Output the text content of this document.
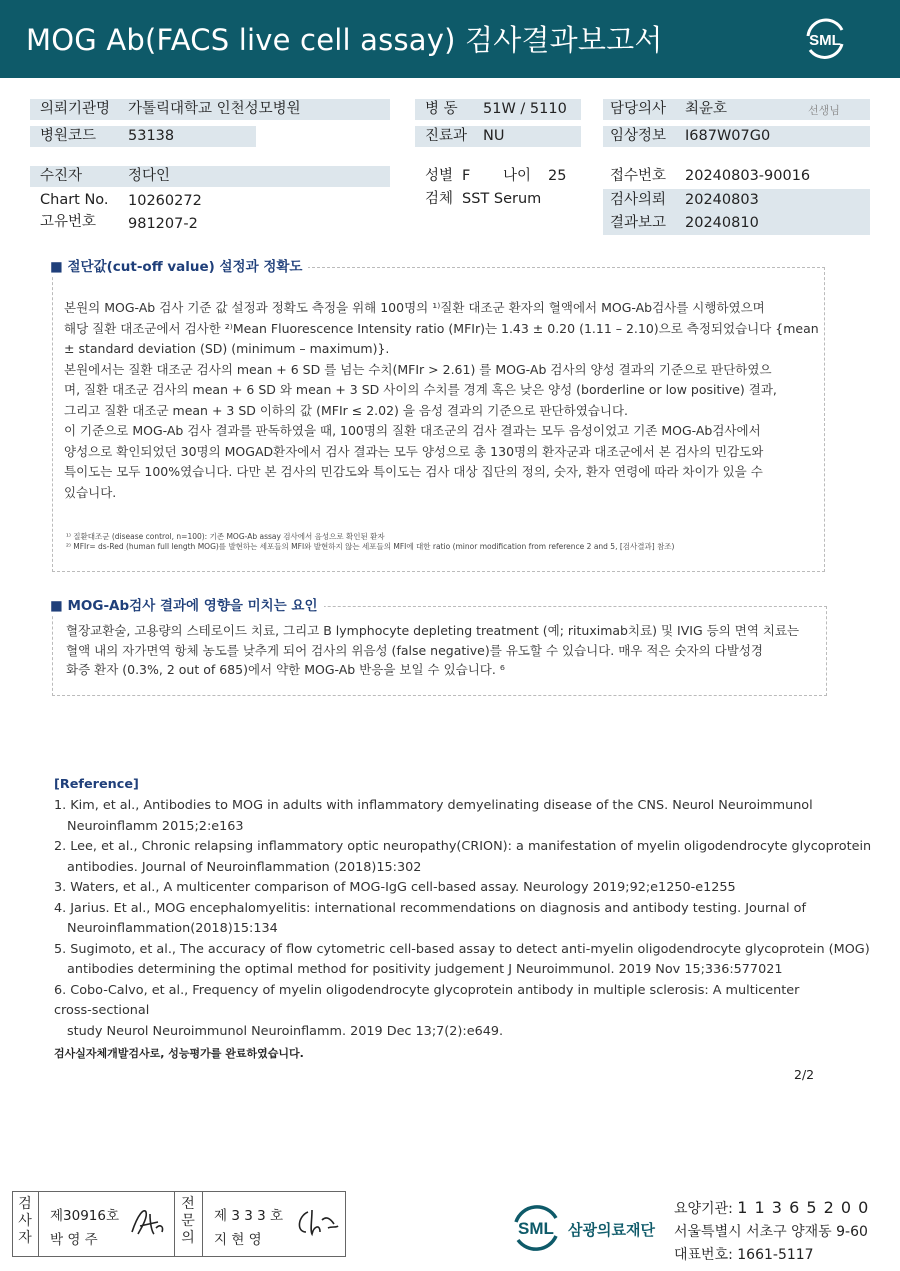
MOG Ab(FACS live cell assay) 검사결과보고서	SML
의뢰기관명 가톨릭대학교 인천성모병원
병원코드 53138
수진자	정다인
Chart No. 10260272
고유번호 981207-2
병 동 51W / 5110
진료과 NU
성별 F 나이 25
검체 SST Serum
담당의사 최윤호	선생님
임상정보 I687W07G0
접수번호 20240803-90016
검사의뢰 20240803
결과보고 20240810
■ 절단값(cut-off value) 설정과 정확도
본원의 MOG-Ab 검사 기준 값 설정과 정확도 측정을 위해 100명의 ¹⁾질환 대조군 환자의 혈액에서 MOG-Ab검사를 시행하였으며
해당 질환 대조군에서 검사한 ²⁾Mean Fluorescence Intensity ratio (MFIr)는 1.43 ± 0.20 (1.11 – 2.10)으로 측정되었습니다 {mean
± standard deviation (SD) (minimum – maximum)}.
본원에서는 질환 대조군 검사의 mean + 6 SD 를 넘는 수치(MFIr > 2.61) 를 MOG-Ab 검사의 양성 결과의 기준으로 판단하였으
며, 질환 대조군 검사의 mean + 6 SD 와 mean + 3 SD 사이의 수치를 경계 혹은 낮은 양성 (borderline or low positive) 결과,
그리고 질환 대조군 mean + 3 SD 이하의 값 (MFIr ≤ 2.02) 을 음성 결과의 기준으로 판단하였습니다.
이 기준으로 MOG-Ab 검사 결과를 판독하였을 때, 100명의 질환 대조군의 검사 결과는 모두 음성이었고 기존 MOG-Ab검사에서
양성으로 확인되었던 30명의 MOGAD환자에서 검사 결과는 모두 양성으로 총 130명의 환자군과 대조군에서 본 검사의 민감도와
특이도는 모두 100%였습니다. 다만 본 검사의 민감도와 특이도는 검사 대상 집단의 정의, 숫자, 환자 연령에 따라 차이가 있을 수
있습니다.
¹⁾ 질환대조군 (disease control, n=100): 기존 MOG-Ab assay 검사에서 음성으로 확인된 환자
²⁾ MFIr= ds-Red (human full length MOG)를 발현하는 세포들의 MFI와 발현하지 않는 세포들의 MFI에 대한 ratio (minor modification from reference 2 and 5, [검사결과] 참조)
■ MOG-Ab검사 결과에 영향을 미치는 요인
혈장교환술, 고용량의 스테로이드 치료, 그리고 B lymphocyte depleting treatment (예; rituximab치료) 및 IVIG 등의 면역 치료는
혈액 내의 자가면역 항체 농도를 낮추게 되어 검사의 위음성 (false negative)를 유도할 수 있습니다. 매우 적은 숫자의 다발성경
화증 환자 (0.3%, 2 out of 685)에서 약한 MOG-Ab 반응을 보일 수 있습니다. ⁶
[Reference]
1. Kim, et al., Antibodies to MOG in adults with inflammatory demyelinating disease of the CNS. Neurol Neuroimmunol
Neuroinflamm 2015;2:e163
2. Lee, et al., Chronic relapsing inflammatory optic neuropathy(CRION): a manifestation of myelin oligodendrocyte glycoprotein
antibodies. Journal of Neuroinflammation (2018)15:302
3. Waters, et al., A multicenter comparison of MOG-IgG cell-based assay. Neurology 2019;92;e1250-e1255
4. Jarius. Et al., MOG encephalomyelitis: international recommendations on diagnosis and antibody testing. Journal of
Neuroinflammation(2018)15:134
5. Sugimoto, et al., The accuracy of flow cytometric cell-based assay to detect anti-myelin oligodendrocyte glycoprotein (MOG)
antibodies determining the optimal method for positivity judgement J Neuroimmunol. 2019 Nov 15;336:577021
6. Cobo-Calvo, et al., Frequency of myelin oligodendrocyte glycoprotein antibody in multiple sclerosis: A multicenter
cross-sectional
study Neurol Neuroimmunol Neuroinflamm. 2019 Dec 13;7(2):e649.
검사실자체개발검사로, 성능평가를 완료하였습니다.
2/2
검사자
제30916호
박 영 주
전문의
제 3 3 3 호
지 현 영
SML 삼광의료재단
요양기관: 1 1 3 6 5 2 0 0
서울특별시 서초구 양재동 9-60
대표번호: 1661-5117
